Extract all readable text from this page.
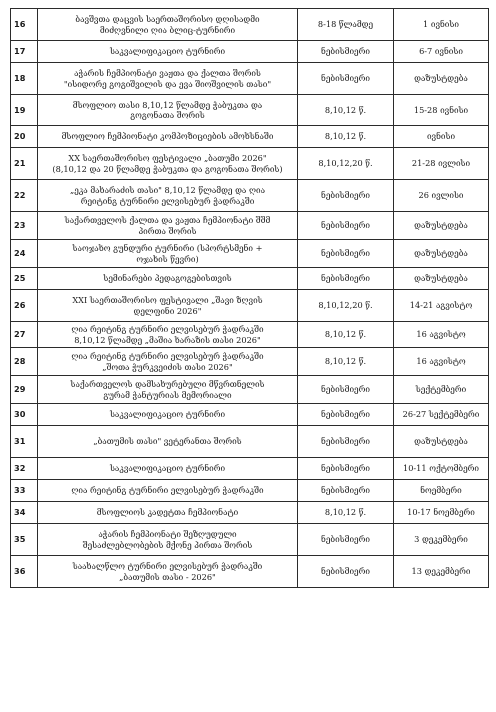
16	ბავშვთა დაცვის საერთაშორისო დღისადმი
მიძღვნილი ღია ბლიც-ტურნირი	8-18 წლამდე	1 ივნისი
17	საკვალიფიკაციო ტურნირი	ნებისმიერი	6-7 ივნისი
18	აჭარის ჩემპიონატი ვაჟთა და ქალთა შორის
"ისიდორე გოგიშვილის და ევა შიოშვილის თასი"	ნებისმიერი	დაზუსტდება
19	მსოფლიო თასი 8,10,12 წლამდე ჭაბუკთა და
გოგონათა შორის	8,10,12 წ.	15-28 ივნისი
20	მსოფლიო ჩემპიონატი კომპოზიციების ამოხსნაში	8,10,12 წ.	ივნისი
21	XX საერთაშორისო ფესტივალი „ბათუმი 2026"
(8,10,12 და 20 წლამდე ჭაბუკთა და გოგონათა შორის)	8,10,12,20 წ.	21-28 ივლისი
22	„ეკა მახარაძის თასი" 8,10,12 წლამდე და ღია
რეიტინგ ტურნირი ელვისებურ ჭადრაკში	ნებისმიერი	26 ივლისი
23	საქართველოს ქალთა და ვაჟთა ჩემპიონატი შშმ
პირთა შორის	ნებისმიერი	დაზუსტდება
24	საოჯახო გუნდური ტურნირი (სპორტსმენი +
ოჯახის წევრი)	ნებისმიერი	დაზუსტდება
25	სემინარები პედაგოგებისთვის	ნებისმიერი	დაზუსტდება
26	XXI საერთაშორისო ფესტივალი „შავი ზღვის
დელფინი 2026"	8,10,12,20 წ.	14-21 აგვისტო
27	ღია რეიტინგ ტურნირი ელვისებურ ჭადრაკში
8,10,12 წლამდე „მაშია ხარაზის თასი 2026"	8,10,12 წ.	16 აგვისტო
28	ღია რეიტინგ ტურნირი ელვისებურ ჭადრაკში
„შოთა ჭურკვეიძის თასი 2026"	8,10,12 წ.	16 აგვისტო
29	საქართველოს დამსახურებული მწვრთნელის
გურამ ჭანტურიას მემორიალი	ნებისმიერი	სექტემბერი
30	საკვალიფიკაციო ტურნირი	ნებისმიერი	26-27 სექტემბერი
31	„ბათუმის თასი" ვეტერანთა შორის	ნებისმიერი	დაზუსტდება
32	საკვალიფიკაციო ტურნირი	ნებისმიერი	10-11 ოქტომბერი
33	ღია რეიტინგ ტურნირი ელვისებურ ჭადრაკში	ნებისმიერი	ნოემბერი
34	მსოფლიოს კადეტთა ჩემპიონატი	8,10,12 წ.	10-17 ნოემბერი
35	აჭარის ჩემპიონატი შეზღუდული
შესაძლებლობების მქონე პირთა შორის	ნებისმიერი	3 დეკემბერი
36	საახალწლო ტურნირი ელვისებურ ჭადრაკში
„ბათუმის თასი - 2026"	ნებისმიერი	13 დეკემბერი
